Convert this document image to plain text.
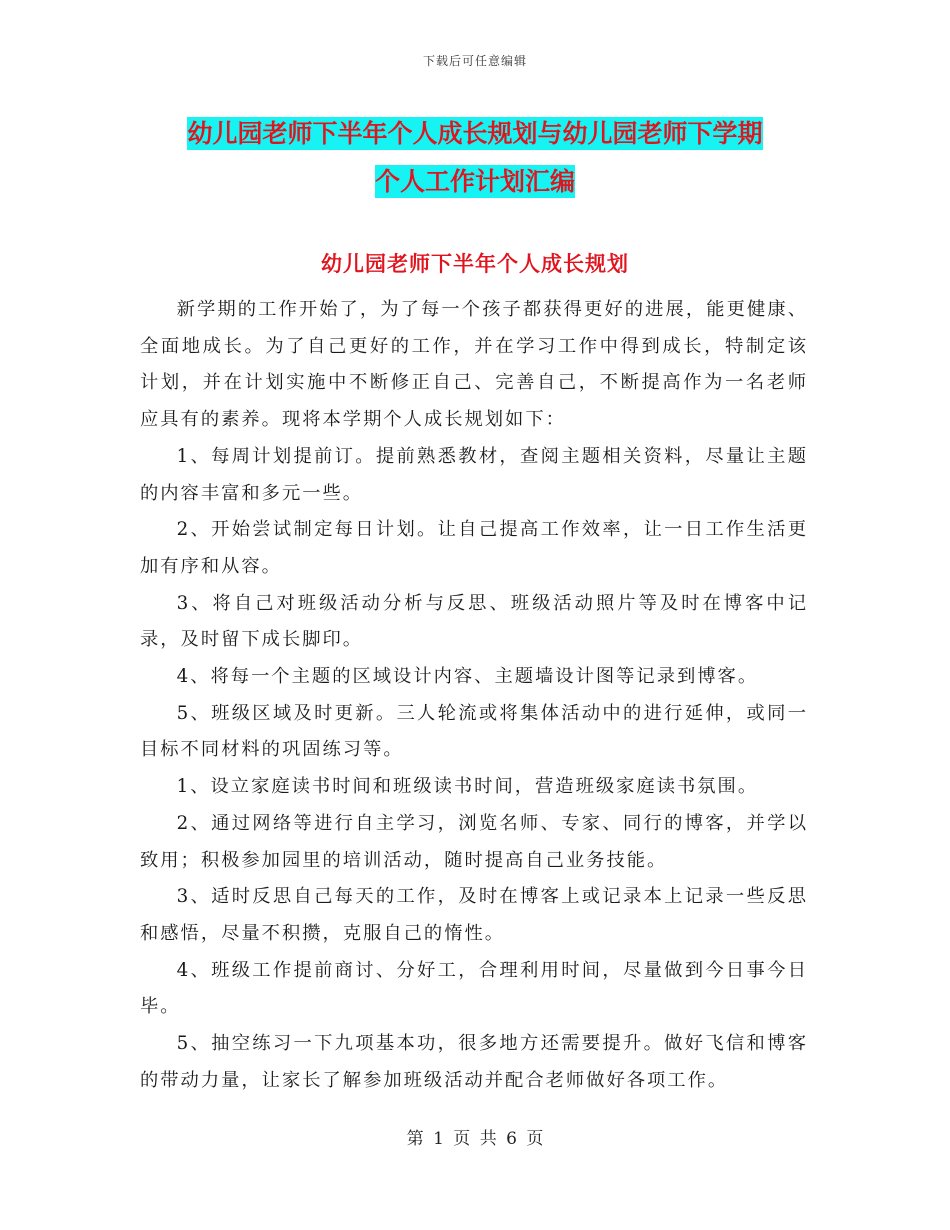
下载后可任意编辑
幼儿园老师下半年个人成长规划与幼儿园老师下学期
个人工作计划汇编
幼儿园老师下半年个人成长规划

新学期的工作开始了，为了每一个孩子都获得更好的进展，能更健康、全面地成长。为了自己更好的工作，并在学习工作中得到成长，特制定该计划，并在计划实施中不断修正自己、完善自己，不断提高作为一名老师应具有的素养。现将本学期个人成长规划如下：

1、每周计划提前订。提前熟悉教材，查阅主题相关资料，尽量让主题的内容丰富和多元一些。

2、开始尝试制定每日计划。让自己提高工作效率，让一日工作生活更加有序和从容。

3、将自己对班级活动分析与反思、班级活动照片等及时在博客中记录，及时留下成长脚印。

4、将每一个主题的区域设计内容、主题墙设计图等记录到博客。

5、班级区域及时更新。三人轮流或将集体活动中的进行延伸，或同一目标不同材料的巩固练习等。

1、设立家庭读书时间和班级读书时间，营造班级家庭读书氛围。

2、通过网络等进行自主学习，浏览名师、专家、同行的博客，并学以致用；积极参加园里的培训活动，随时提高自己业务技能。

3、适时反思自己每天的工作，及时在博客上或记录本上记录一些反思和感悟，尽量不积攒，克服自己的惰性。

4、班级工作提前商讨、分好工，合理利用时间，尽量做到今日事今日毕。

5、抽空练习一下九项基本功，很多地方还需要提升。做好飞信和博客的带动力量，让家长了解参加班级活动并配合老师做好各项工作。

第 1 页 共 6 页
